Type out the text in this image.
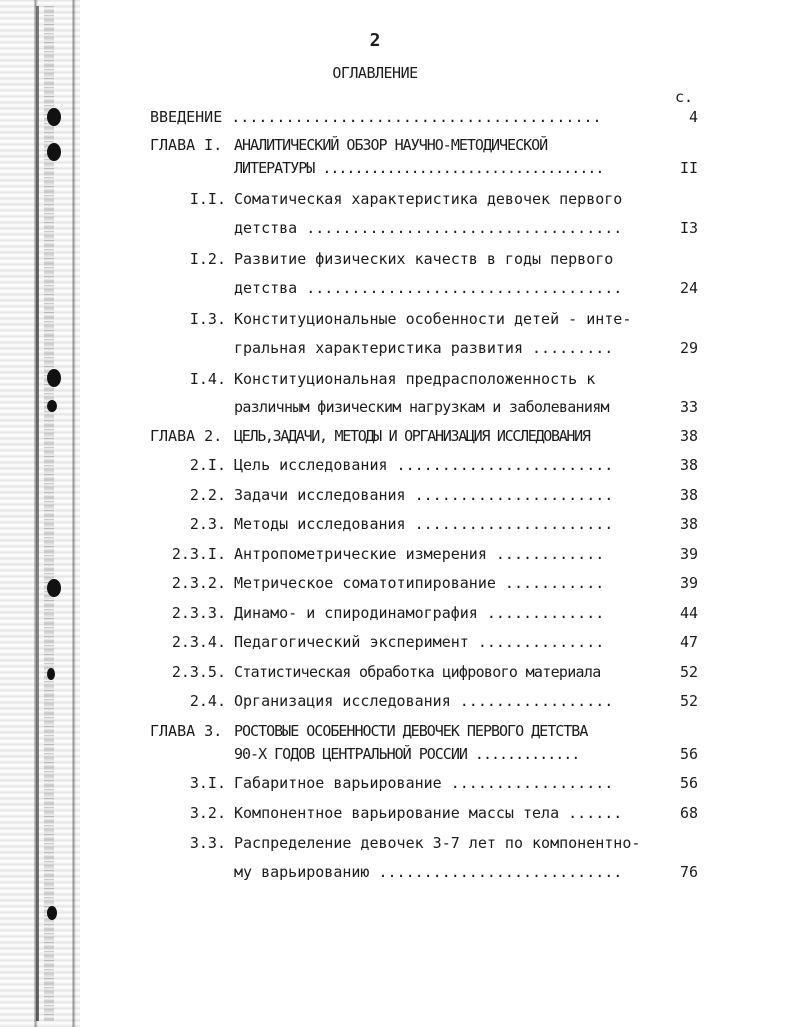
2
ОГЛАВЛЕНИЕ
с.
ВВЕДЕНИЕ .........................................	4
ГЛАВА I. АНАЛИТИЧЕСКИЙ ОБЗОР НАУЧНО-МЕТОДИЧЕСКОЙ
ЛИТЕРАТУРЫ ...................................	II
I.I. Соматическая характеристика девочек первого
детства ...................................	I3
I.2. Развитие физических качеств в годы первого
детства ...................................	24
I.3. Конституциональные особенности детей - инте-
гральная характеристика развития .........	29
I.4. Конституциональная предрасположенность к
различным физическим нагрузкам и заболеваниям	33
ГЛАВА 2. ЦЕЛЬ,ЗАДАЧИ, МЕТОДЫ И ОРГАНИЗАЦИЯ ИССЛЕДОВАНИЯ	38
2.I. Цель исследования ........................	38
2.2. Задачи исследования ......................	38
2.3. Методы исследования ......................	38
2.3.I. Антропометрические измерения ............	39
2.3.2. Метрическое соматотипирование ...........	39
2.3.3. Динамо- и спиродинамография .............	44
2.3.4. Педагогический эксперимент ..............	47
2.3.5. Статистическая обработка цифрового материала	52
2.4. Организация исследования .................	52
ГЛАВА 3. РОСТОВЫЕ ОСОБЕННОСТИ ДЕВОЧЕК ПЕРВОГО ДЕТСТВА
90-Х ГОДОВ ЦЕНТРАЛЬНОЙ РОССИИ .............	56
3.I. Габаритное варьирование ..................	56
3.2. Компонентное варьирование массы тела ......	68
3.3. Распределение девочек 3-7 лет по компонентно-
му варьированию ...........................	76
